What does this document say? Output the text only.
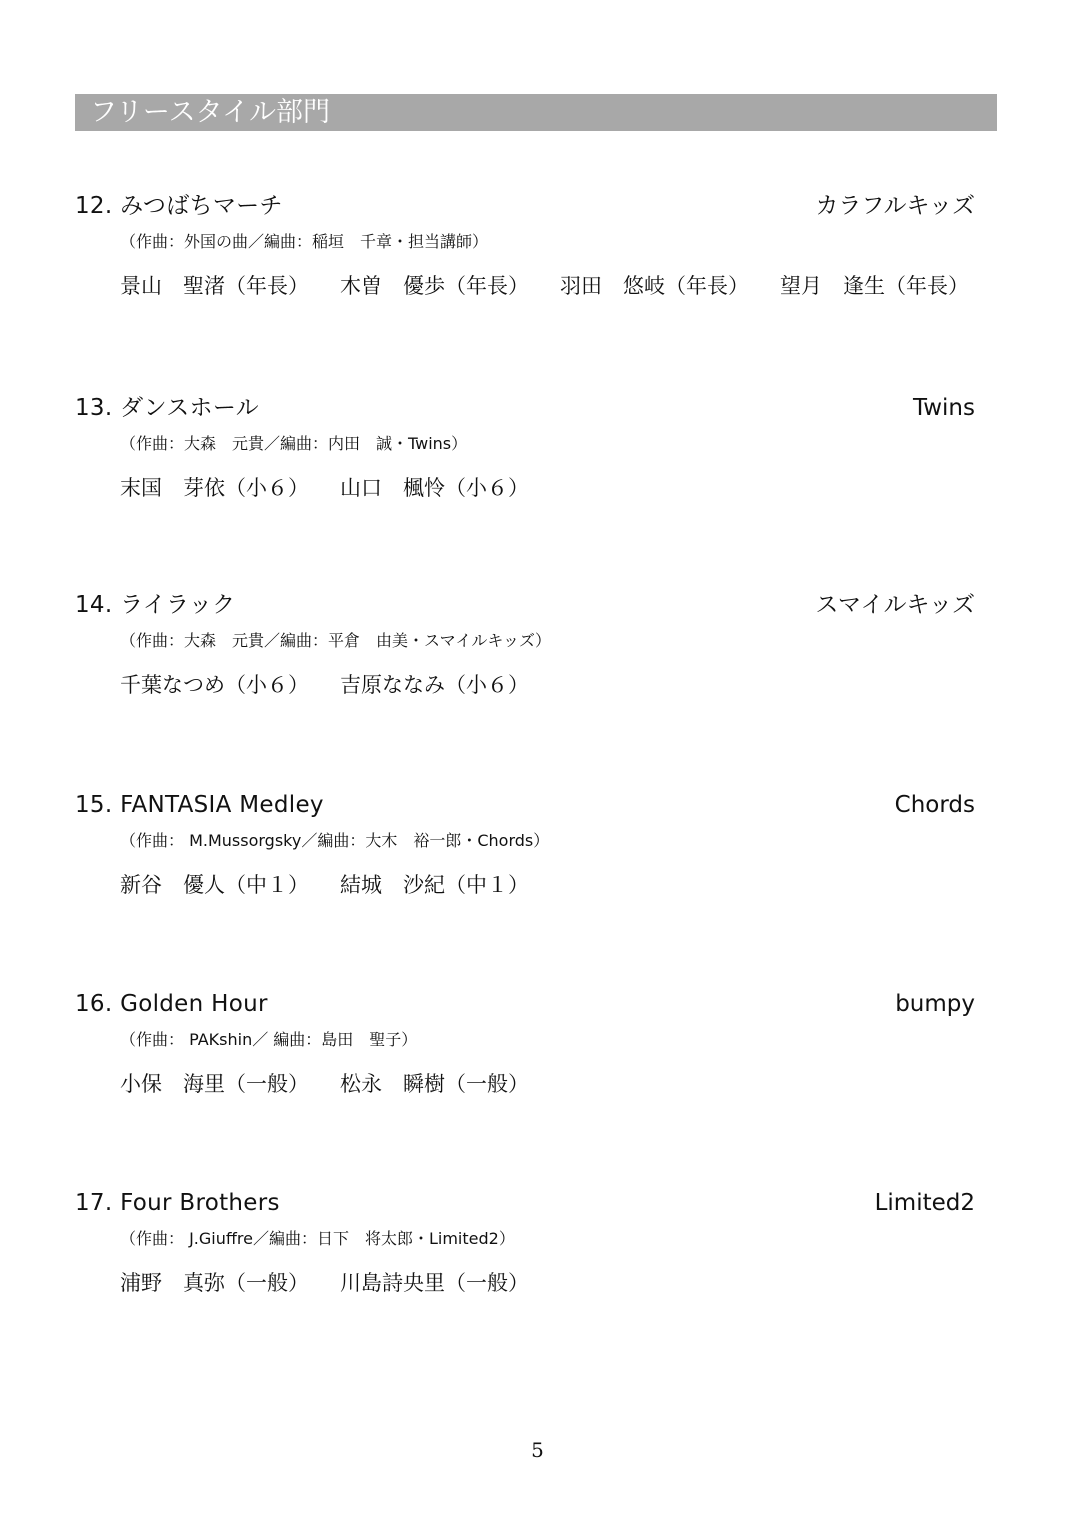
フリースタイル部門
12. みつばちマーチ	カラフルキッズ
（作曲：外国の曲／編曲：稲垣　千章・担当講師）
景山　聖渚（年長） 木曽　優歩（年長） 羽田　悠岐（年長） 望月　逢生（年長）
13. ダンスホール	Twins
（作曲：大森　元貴／編曲：内田　誠・Twins）
末国　芽依（小６） 山口　楓怜（小６）
14. ライラック	スマイルキッズ
（作曲：大森　元貴／編曲：平倉　由美・スマイルキッズ）
千葉なつめ（小６） 吉原ななみ（小６）
15. FANTASIA Medley	Chords
（作曲： M.Mussorgsky／編曲：大木　裕一郎・Chords）
新谷　優人（中１） 結城　沙紀（中１）
16. Golden Hour	bumpy
（作曲： PAKshin／ 編曲：島田　聖子）
小保　海里（一般） 松永　瞬樹（一般）
17. Four Brothers	Limited2
（作曲： J.Giuffre／編曲：日下　将太郎・Limited2）
浦野　真弥（一般） 川島詩央里（一般）
5
